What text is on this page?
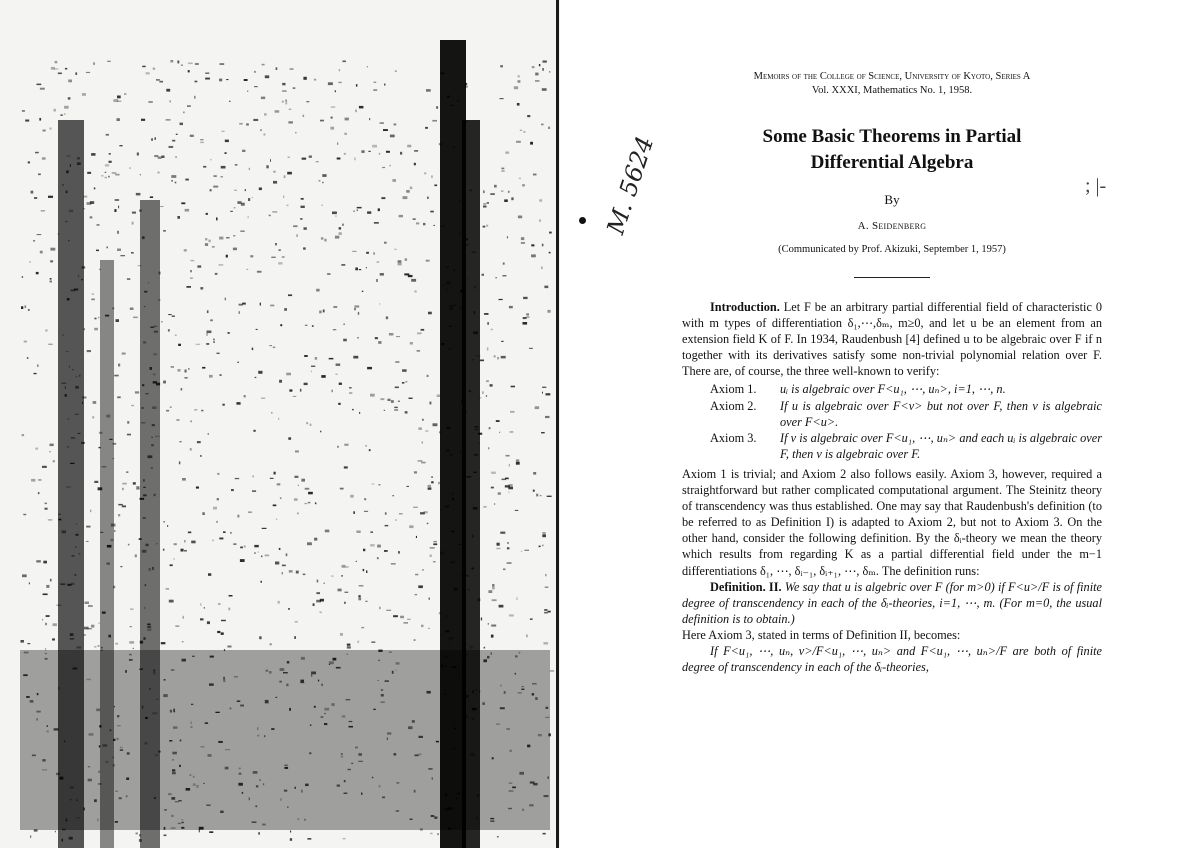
M. 5624	; |-
Memoirs of the College of Science, University of Kyoto, Series A
Vol. XXXI, Mathematics No. 1, 1958.
Some Basic Theorems in Partial
Differential Algebra
By
A. Seidenberg
(Communicated by Prof. Akizuki, September 1, 1957)

Introduction. Let F be an arbitrary partial differential field of characteristic 0 with m types of differentiation δ₁,⋯,δₘ, m≥0, and let u be an element from an extension field K of F. In 1934, Raudenbush [4] defined u to be algebraic over F if n together with its derivatives satisfy some non-trivial polynomial relation over F. There are, of course, the three well-known to verify:

Axiom 1.	uᵢ is algebraic over F<u₁, ⋯, uₙ>, i=1, ⋯, n.
Axiom 2.	If u is algebraic over F<v> but not over F, then v is algebraic over F<u>.
Axiom 3.	If v is algebraic over F<u₁, ⋯, uₙ> and each uᵢ is algebraic over F, then v is algebraic over F.

Axiom 1 is trivial; and Axiom 2 also follows easily. Axiom 3, however, required a straightforward but rather complicated computational argument. The Steinitz theory of transcendency was thus established. One may say that Raudenbush's definition (to be referred to as Definition I) is adapted to Axiom 2, but not to Axiom 3. On the other hand, consider the following definition. By the δᵢ-theory we mean the theory which results from regarding K as a partial differential field under the m−1 differentiations δ₁, ⋯, δᵢ₋₁, δᵢ₊₁, ⋯, δₘ. The definition runs:

Definition. II. We say that u is algebric over F (for m>0) if F<u>/F is of finite degree of transcendency in each of the δᵢ-theories, i=1, ⋯, m. (For m=0, the usual definition is to obtain.)

Here Axiom 3, stated in terms of Definition II, becomes:

If F<u₁, ⋯, uₙ, v>/F<u₁, ⋯, uₙ> and F<u₁, ⋯, uₙ>/F are both of finite degree of transcendency in each of the δᵢ-theories,
